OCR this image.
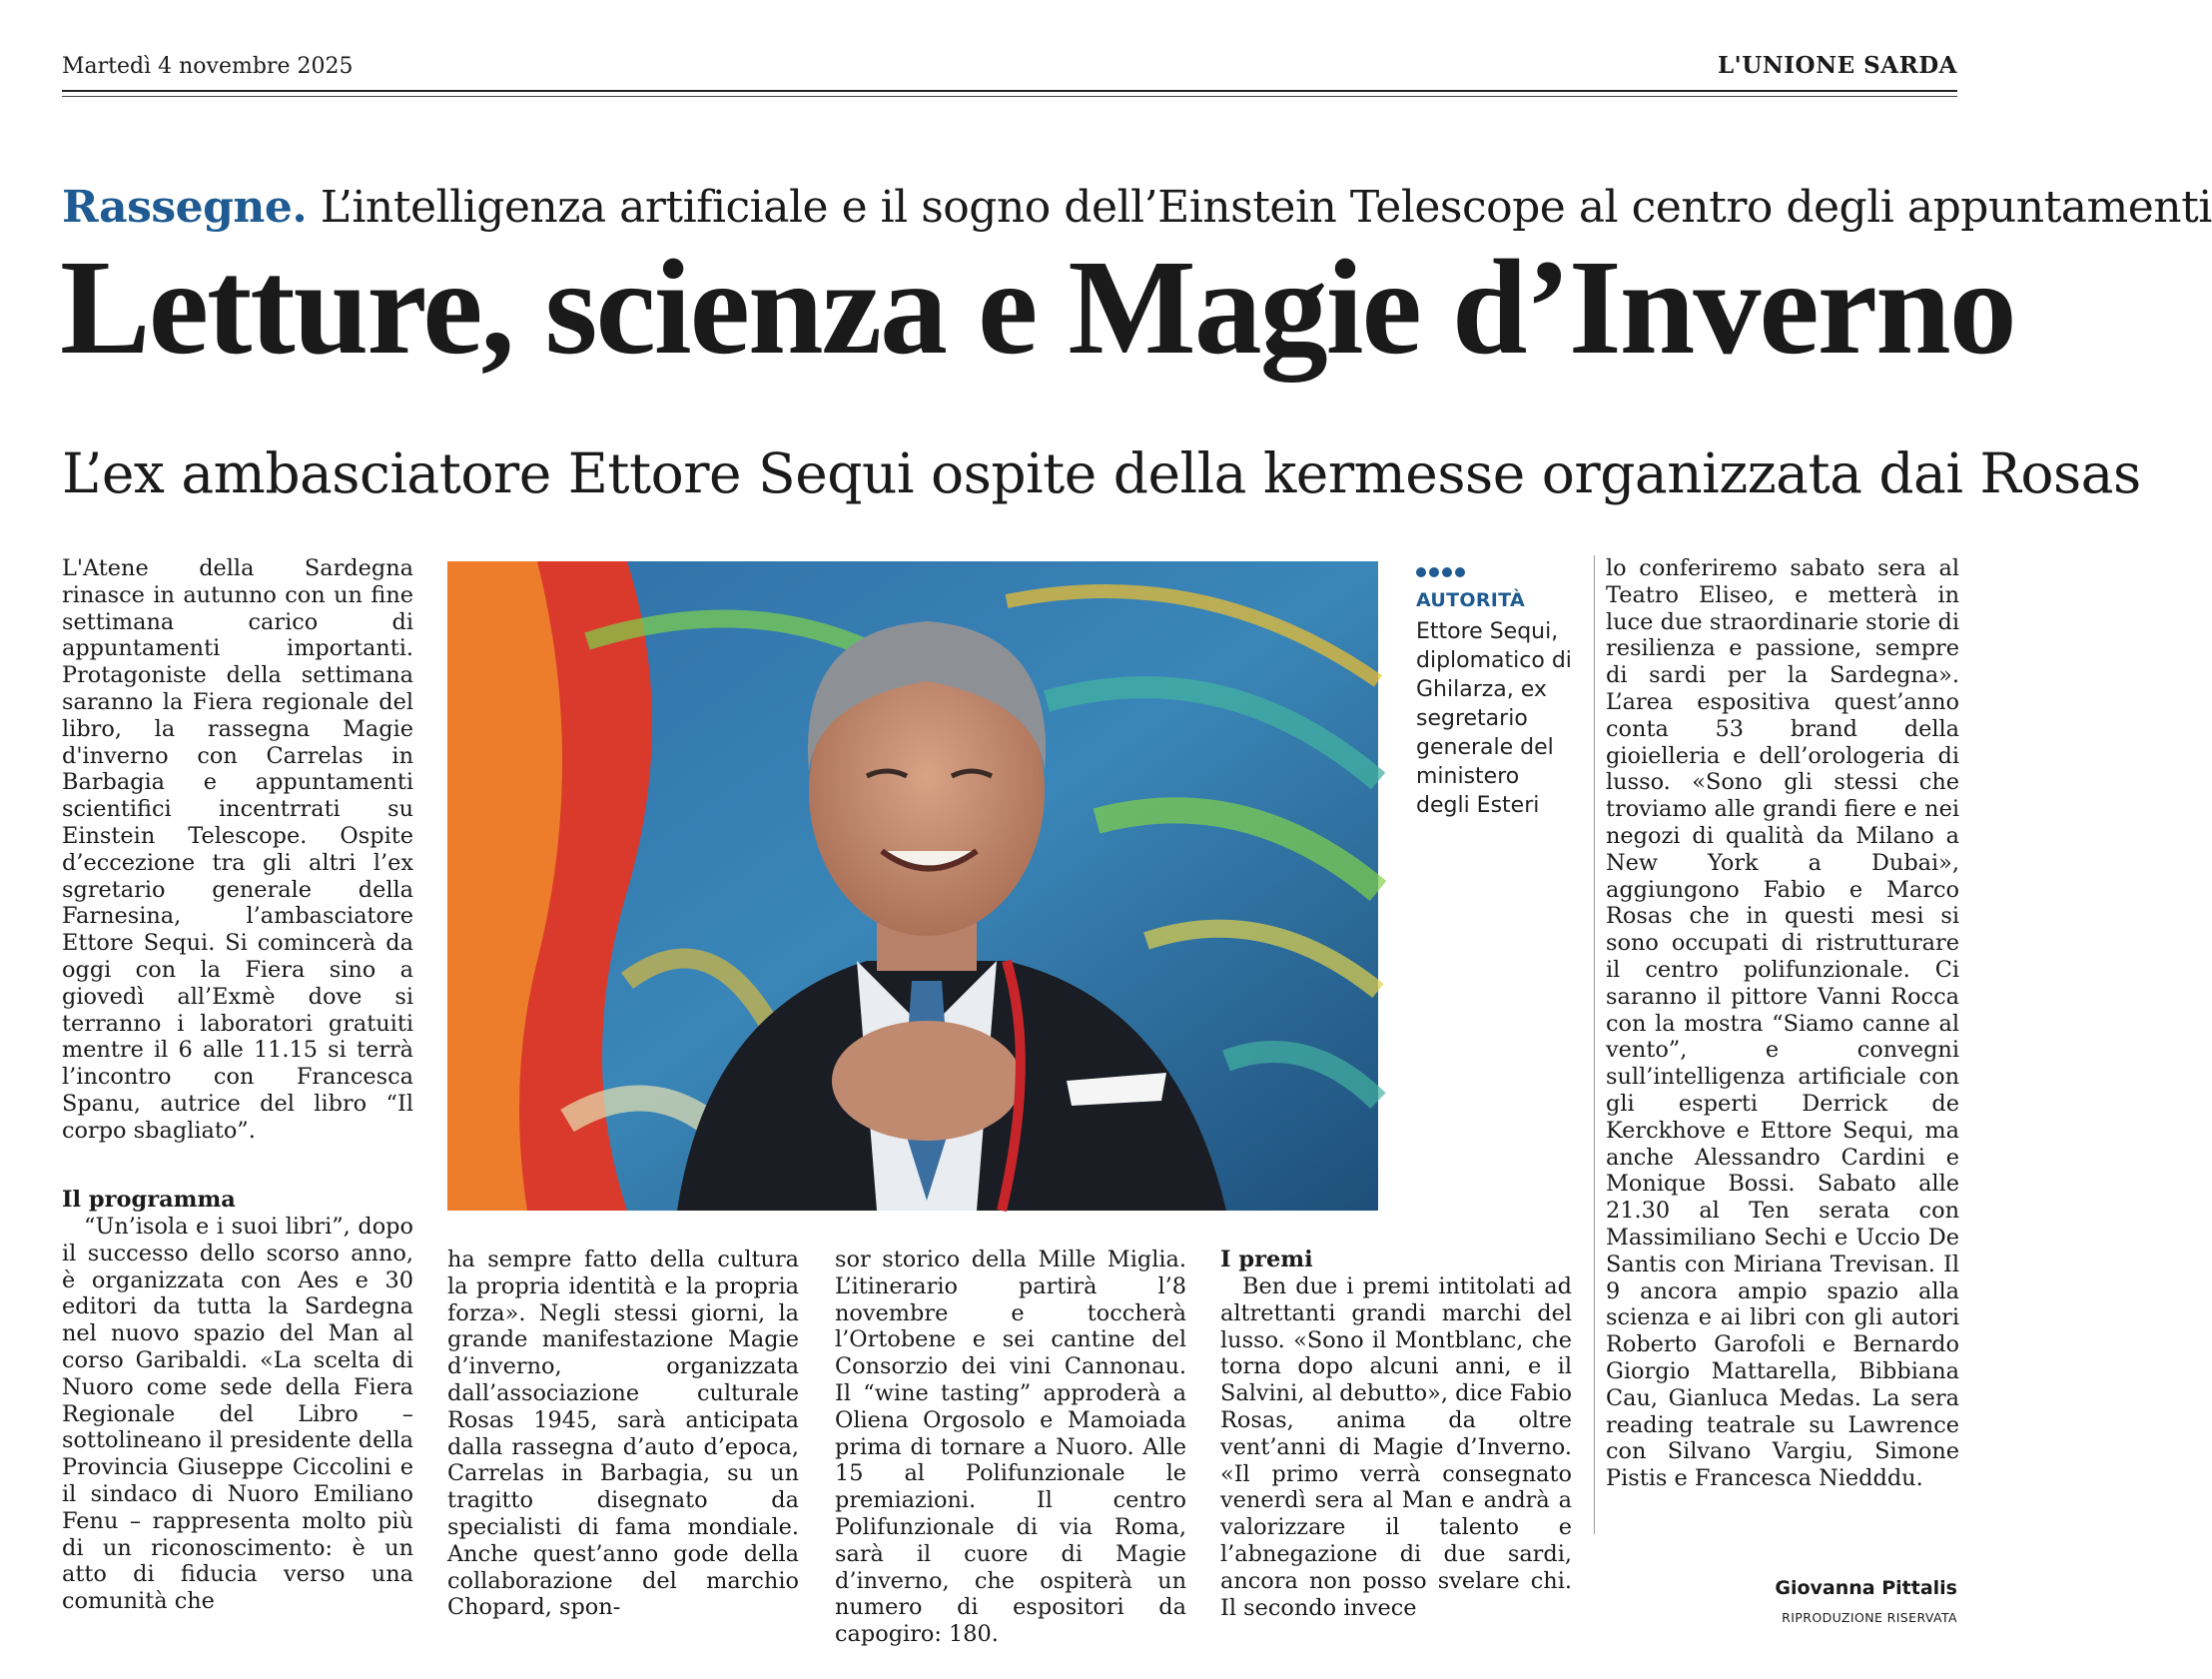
Martedì 4 novembre 2025	L'UNIONE SARDA
Rassegne. L’intelligenza artificiale e il sogno dell’Einstein Telescope al centro degli appuntamenti
Letture, scienza e Magie d’Inverno
L’ex ambasciatore Ettore Sequi ospite della kermesse organizzata dai Rosas

L'Atene della Sardegna rinasce in autunno con un fine settimana carico di appuntamenti importanti. Protagoniste della settimana saranno la Fiera regionale del libro, la rassegna Magie d'inverno con Carrelas in Barbagia e appuntamenti scientifici incentrrati su Einstein Telescope. Ospite d’eccezione tra gli altri l’ex sgretario generale della Farnesina, l’ambasciatore Ettore Sequi. Si comincerà da oggi con la Fiera sino a giovedì all’Exmè dove si terranno i laboratori gratuiti mentre il 6 alle 11.15 si terrà l’incontro con Francesca Spanu, autrice del libro “Il corpo sbagliato”.

Il programma

“Un’isola e i suoi libri”, dopo il successo dello scorso anno, è organizzata con Aes e 30 editori da tutta la Sardegna nel nuovo spazio del Man al corso Garibaldi. «La scelta di Nuoro come sede della Fiera Regionale del Libro – sottolineano il presidente della Provincia Giuseppe Ciccolini e il sindaco di Nuoro Emiliano Fenu – rappresenta molto più di un riconoscimento: è un atto di fiducia verso una comunità che

AUTORITÀ
Ettore Sequi, diplomatico di Ghilarza, ex segretario generale del ministero degli Esteri

ha sempre fatto della cultura la propria identità e la propria forza». Negli stessi giorni, la grande manifestazione Magie d’inverno, organizzata dall’associazione culturale Rosas 1945, sarà anticipata dalla rassegna d’auto d’epoca, Carrelas in Barbagia, su un tragitto disegnato da specialisti di fama mondiale. Anche quest’anno gode della collaborazione del marchio Chopard, spon-

sor storico della Mille Miglia. L’itinerario partirà l’8 novembre e toccherà l’Ortobene e sei cantine del Consorzio dei vini Cannonau. Il “wine tasting” approderà a Oliena Orgosolo e Mamoiada prima di tornare a Nuoro. Alle 15 al Polifunzionale le premiazioni. Il centro Polifunzionale di via Roma, sarà il cuore di Magie d’inverno, che ospiterà un numero di espositori da capogiro: 180.

I premi

Ben due i premi intitolati ad altrettanti grandi marchi del lusso. «Sono il Montblanc, che torna dopo alcuni anni, e il Salvini, al debutto», dice Fabio Rosas, anima da oltre vent’anni di Magie d’Inverno. «Il primo verrà consegnato venerdì sera al Man e andrà a valorizzare il talento e l’abnegazione di due sardi, ancora non posso svelare chi. Il secondo invece

lo conferiremo sabato sera al Teatro Eliseo, e metterà in luce due straordinarie storie di resilienza e passione, sempre di sardi per la Sardegna». L’area espositiva quest’anno conta 53 brand della gioielleria e dell’orologeria di lusso. «Sono gli stessi che troviamo alle grandi fiere e nei negozi di qualità da Milano a New York a Dubai», aggiungono Fabio e Marco Rosas che in questi mesi si sono occupati di ristrutturare il centro polifunzionale. Ci saranno il pittore Vanni Rocca con la mostra “Siamo canne al vento”, e convegni sull’intelligenza artificiale con gli esperti Derrick de Kerckhove e Ettore Sequi, ma anche Alessandro Cardini e Monique Bossi. Sabato alle 21.30 al Ten serata con Massimiliano Sechi e Uccio De Santis con Miriana Trevisan. Il 9 ancora ampio spazio alla scienza e ai libri con gli autori Roberto Garofoli e Bernardo Giorgio Mattarella, Bibbiana Cau, Gianluca Medas. La sera reading teatrale su Lawrence con Silvano Vargiu, Simone Pistis e Francesca Niedddu.

Giovanna Pittalis
RIPRODUZIONE RISERVATA
